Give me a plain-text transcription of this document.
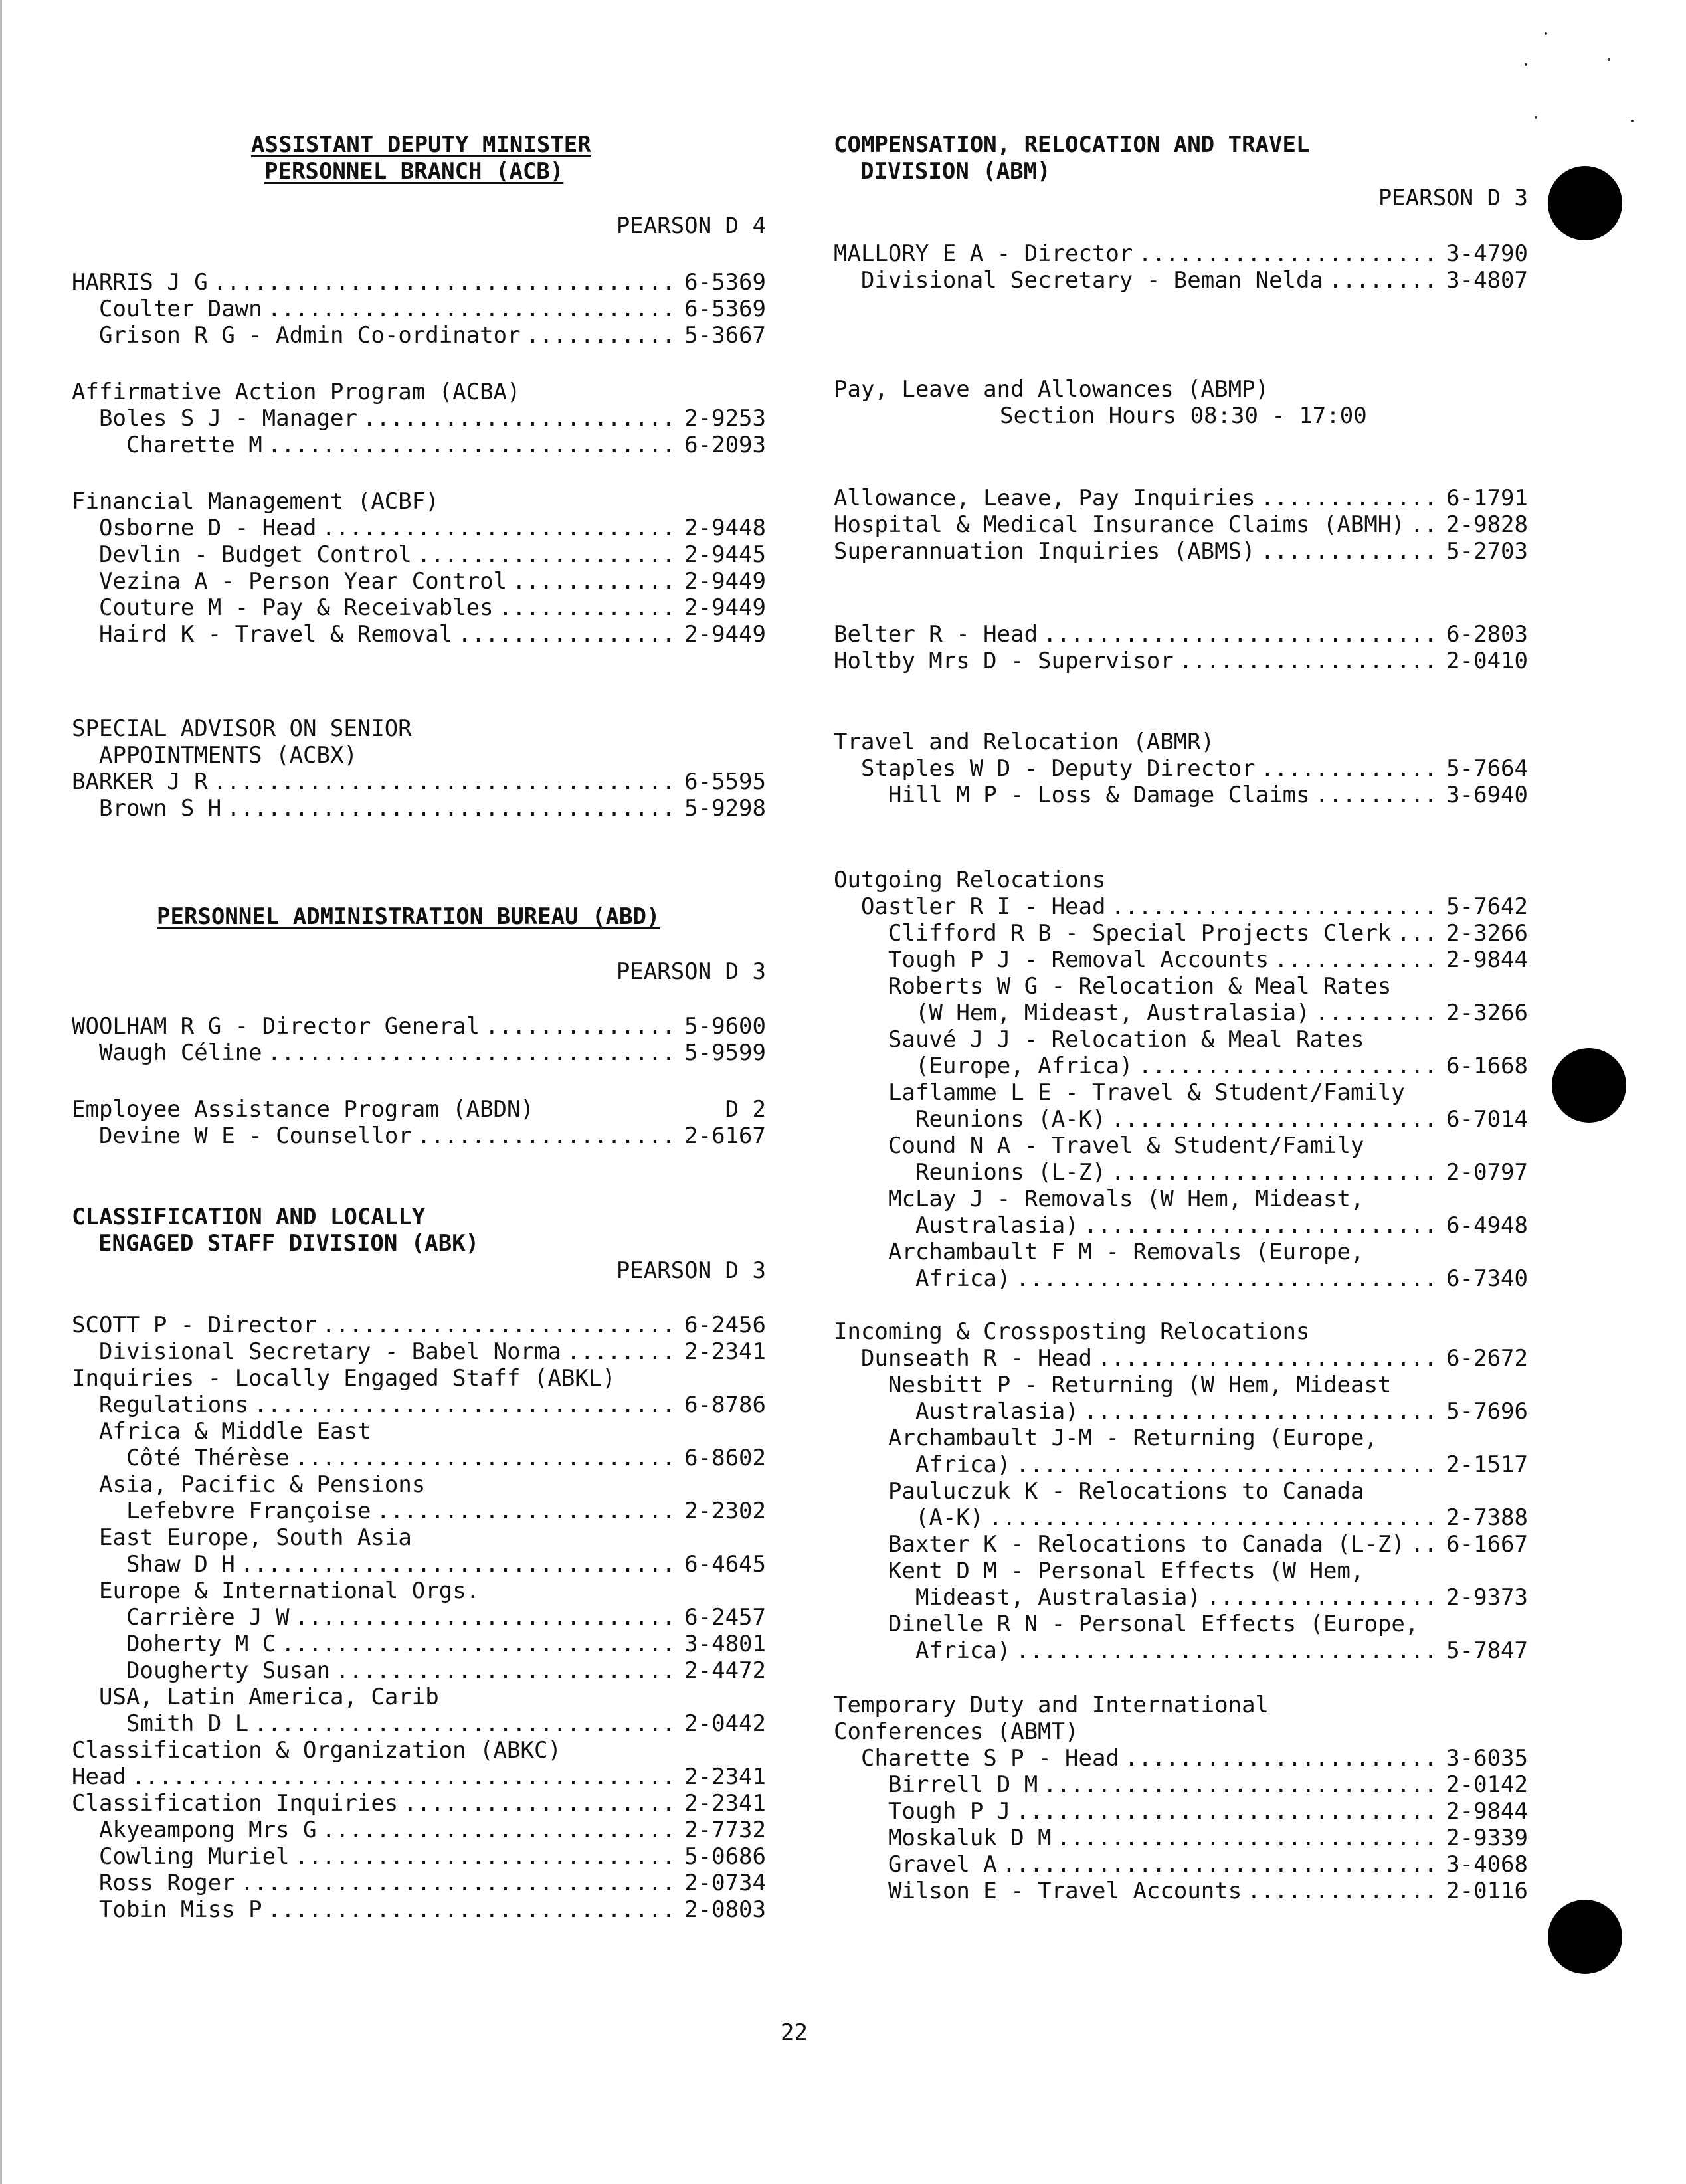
ASSISTANT DEPUTY MINISTER
PERSONNEL BRANCH (ACB)
PEARSON D 4
HARRIS J G .....	6-5369
Coulter Dawn .....	6-5369
Grison R G - Admin Co-ordinator .....	5-3667
Affirmative Action Program (ACBA)
Boles S J - Manager .....	2-9253
Charette M .....	6-2093
Financial Management (ACBF)
Osborne D - Head .....	2-9448
Devlin - Budget Control .....	2-9445
Vezina A - Person Year Control .....	2-9449
Couture M - Pay & Receivables .....	2-9449
Haird K - Travel & Removal .....	2-9449
SPECIAL ADVISOR ON SENIOR
APPOINTMENTS (ACBX)
BARKER J R .....	6-5595
Brown S H .....	5-9298
PERSONNEL ADMINISTRATION BUREAU (ABD)
PEARSON D 3
WOOLHAM R G - Director General .....	5-9600
Waugh Céline .....	5-9599
Employee Assistance Program (ABDN)	D 2
Devine W E - Counsellor .....	2-6167
CLASSIFICATION AND LOCALLY
ENGAGED STAFF DIVISION (ABK)
PEARSON D 3
SCOTT P - Director .....	6-2456
Divisional Secretary - Babel Norma .....	2-2341
Inquiries - Locally Engaged Staff (ABKL)
Regulations .....	6-8786
Africa & Middle East
Côté Thérèse .....	6-8602
Asia, Pacific & Pensions
Lefebvre Françoise .....	2-2302
East Europe, South Asia
Shaw D H .....	6-4645
Europe & International Orgs.
Carrière J W .....	6-2457
Doherty M C .....	3-4801
Dougherty Susan .....	2-4472
USA, Latin America, Carib
Smith D L .....	2-0442
Classification & Organization (ABKC)
Head .....	2-2341
Classification Inquiries .....	2-2341
Akyeampong Mrs G .....	2-7732
Cowling Muriel .....	5-0686
Ross Roger .....	2-0734
Tobin Miss P .....	2-0803
COMPENSATION, RELOCATION AND TRAVEL
DIVISION (ABM)
PEARSON D 3
MALLORY E A - Director .....	3-4790
Divisional Secretary - Beman Nelda .....	3-4807
Pay, Leave and Allowances (ABMP)
Section Hours 08:30 - 17:00
Allowance, Leave, Pay Inquiries .....	6-1791
Hospital & Medical Insurance Claims (ABMH) ..... 2-9828
Superannuation Inquiries (ABMS) .....	5-2703
Belter R - Head .....	6-2803
Holtby Mrs D - Supervisor .....	2-0410
Travel and Relocation (ABMR)
Staples W D - Deputy Director .....	5-7664
Hill M P - Loss & Damage Claims .....	3-6940
Outgoing Relocations
Oastler R I - Head .....	5-7642
Clifford R B - Special Projects Clerk ..... 2-3266
Tough P J - Removal Accounts .....	2-9844
Roberts W G - Relocation & Meal Rates
(W Hem, Mideast, Australasia) .....	2-3266
Sauvé J J - Relocation & Meal Rates
(Europe, Africa) .....	6-1668
Laflamme L E - Travel & Student/Family
Reunions (A-K) .....	6-7014
Cound N A - Travel & Student/Family
Reunions (L-Z) .....	2-0797
McLay J - Removals (W Hem, Mideast,
Australasia) .....	6-4948
Archambault F M - Removals (Europe,
Africa) .....	6-7340
Incoming & Crossposting Relocations
Dunseath R - Head .....	6-2672
Nesbitt P - Returning (W Hem, Mideast
Australasia) .....	5-7696
Archambault J-M - Returning (Europe,
Africa) .....	2-1517
Pauluczuk K - Relocations to Canada
(A-K) .....	2-7388
Baxter K - Relocations to Canada (L-Z) ..... 6-1667
Kent D M - Personal Effects (W Hem,
Mideast, Australasia) .....	2-9373
Dinelle R N - Personal Effects (Europe,
Africa) .....	5-7847
Temporary Duty and International
Conferences (ABMT)
Charette S P - Head .....	3-6035
Birrell D M .....	2-0142
Tough P J .....	2-9844
Moskaluk D M .....	2-9339
Gravel A .....	3-4068
Wilson E - Travel Accounts .....	2-0116
22
